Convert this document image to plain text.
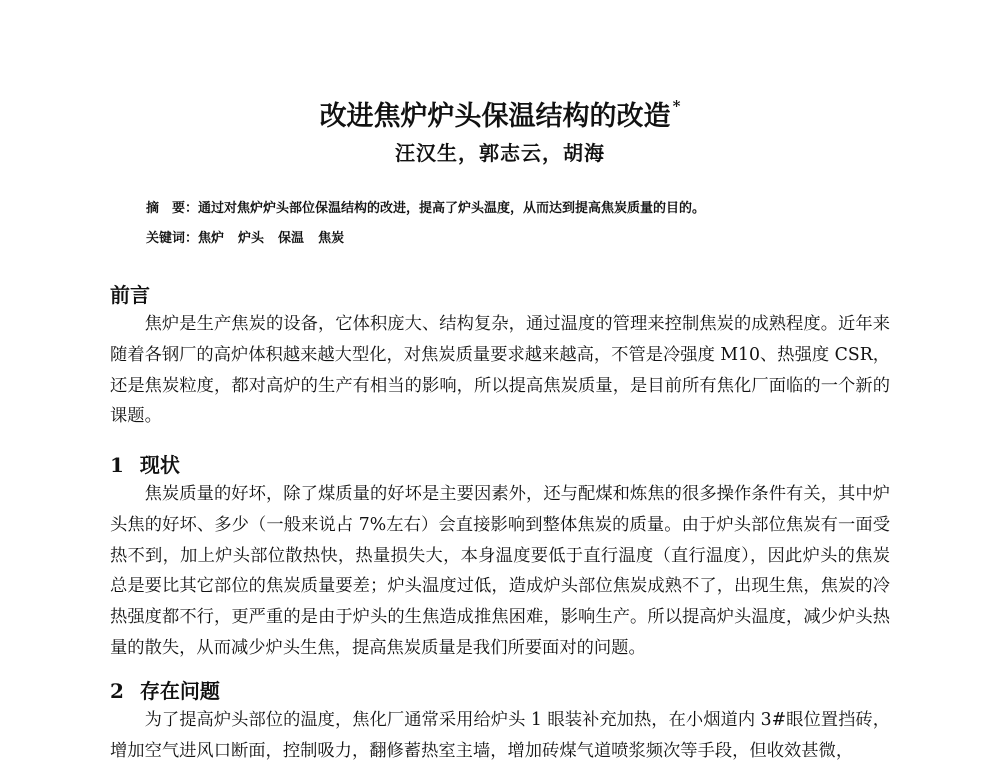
改进焦炉炉头保温结构的改造 *
汪汉生，郭志云，胡海
摘　要：通过对焦炉炉头部位保温结构的改进，提高了炉头温度，从而达到提高焦炭质量的目的。
关键词：焦炉 炉头 保温 焦炭
前言

焦炉是生产焦炭的设备，它体积庞大、结构复杂，通过温度的管理来控制焦炭的成熟程度。近年来随着各钢厂的高炉体积越来越大型化，对焦炭质量要求越来越高，不管是冷强度 M10、热强度 CSR，还是焦炭粒度，都对高炉的生产有相当的影响，所以提高焦炭质量，是目前所有焦化厂面临的一个新的课题。

1 现状

焦炭质量的好坏，除了煤质量的好坏是主要因素外，还与配煤和炼焦的很多操作条件有关，其中炉头焦的好坏、多少（一般来说占 7%左右）会直接影响到整体焦炭的质量。由于炉头部位焦炭有一面受热不到，加上炉头部位散热快，热量损失大，本身温度要低于直行温度（直行温度），因此炉头的焦炭总是要比其它部位的焦炭质量要差；炉头温度过低，造成炉头部位焦炭成熟不了，出现生焦，焦炭的冷热强度都不行，更严重的是由于炉头的生焦造成推焦困难，影响生产。所以提高炉头温度，减少炉头热量的散失，从而减少炉头生焦，提高焦炭质量是我们所要面对的问题。

2 存在问题

为了提高炉头部位的温度，焦化厂通常采用给炉头 1 眼装补充加热，在小烟道内 3#眼位置挡砖，增加空气进风口断面，控制吸力，翻修蓄热室主墙，增加砖煤气道喷浆频次等手段，但收效甚微，
